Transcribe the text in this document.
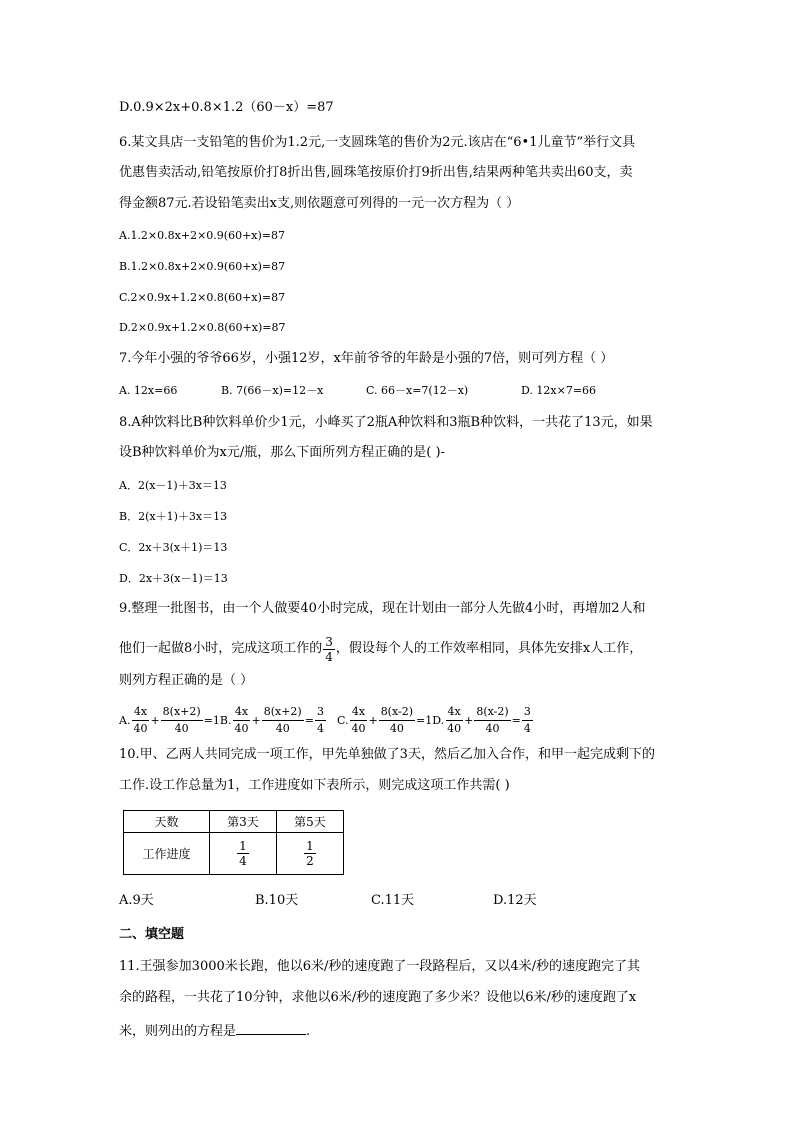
D.0.9×2x+0.8×1.2（60－x）=87
6.某文具店一支铅笔的售价为1.2元,一支圆珠笔的售价为2元.该店在“6•1儿童节”举行文具
优惠售卖活动,铅笔按原价打8折出售,圆珠笔按原价打9折出售,结果两种笔共卖出60支，卖
得金额87元.若设铅笔卖出x支,则依题意可列得的一元一次方程为（ ）
A.1.2×0.8x+2×0.9(60+x)=87
B.1.2×0.8x+2×0.9(60+x)=87
C.2×0.9x+1.2×0.8(60+x)=87
D.2×0.9x+1.2×0.8(60+x)=87
7.今年小强的爷爷66岁，小强12岁，x年前爷爷的年龄是小强的7倍，则可列方程（ ）
A. 12x=66	B. 7(66－x)=12－x	C. 66－x=7(12－x)	D. 12x×7=66
8.A种饮料比B种饮料单价少1元，小峰买了2瓶A种饮料和3瓶B种饮料，一共花了13元，如果
设B种饮料单价为x元/瓶，那么下面所列方程正确的是( )-
A．2(x－1)＋3x＝13
B．2(x＋1)＋3x＝13
C．2x＋3(x＋1)＝13
D．2x＋3(x－1)＝13
9.整理一批图书，由一个人做要40小时完成，现在计划由一部分人先做4小时，再增加2人和
他们一起做8小时，完成这项工作的 $\frac{3}{4}$ ，假设每个人的工作效率相同，具体先安排x人工作，
则列方程正确的是（ ）
A. $\frac{4x}{40} + \frac{8(x+2)}{40} =1B$. $\frac{4x}{40} + \frac{8(x+2)}{40} = \frac{3}{4} C$. $\frac{4x}{40} + \frac{8(x-2)}{40} =1D$. $\frac{4x}{40} + \frac{8(x-2)}{40} = \frac{3}{4}$
10.甲、乙两人共同完成一项工作，甲先单独做了3天，然后乙加入合作，和甲一起完成剩下的
工作.设工作总量为1，工作进度如下表所示，则完成这项工作共需( )
天数	第3天	第5天
工作进度	$\frac{1}{4}$	$\frac{1}{2}$
A.9天	B.10天	C.11天	D.12天
二、填空题
11.王强参加3000米长跑，他以6米/秒的速度跑了一段路程后，又以4米/秒的速度跑完了其
余的路程，一共花了10分钟，求他以6米/秒的速度跑了多少米？设他以6米/秒的速度跑了x
米，则列出的方程是	.
